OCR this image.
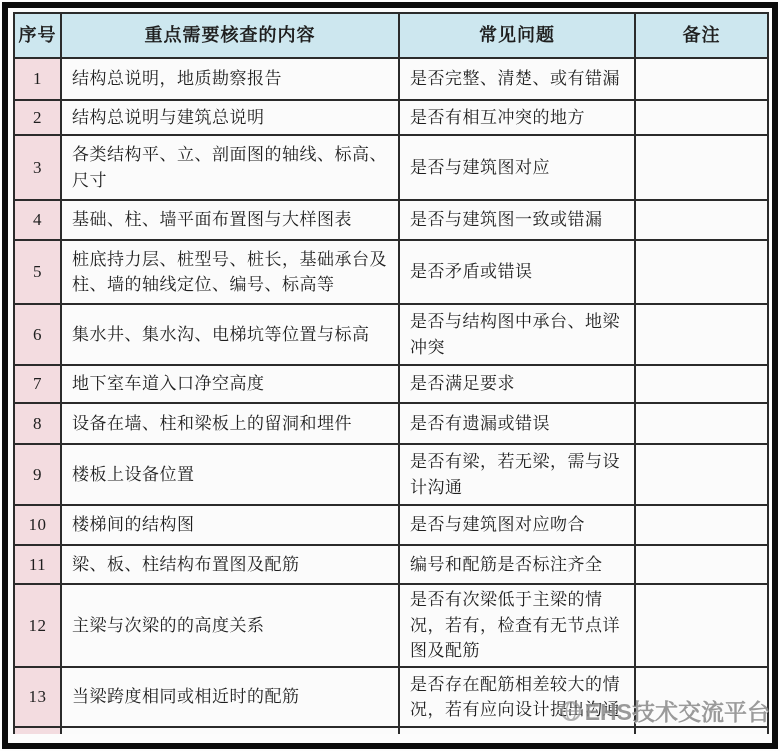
序号	重点需要核查的内容	常见问题	备注
1	结构总说明，地质勘察报告	是否完整、清楚、或有错漏	
2	结构总说明与建筑总说明	是否有相互冲突的地方	
3	各类结构平、立、剖面图的轴线、标高、尺寸	是否与建筑图对应	
4	基础、柱、墙平面布置图与大样图表	是否与建筑图一致或错漏	
5	桩底持力层、桩型号、桩长，基础承台及柱、墙的轴线定位、编号、标高等	是否矛盾或错误	
6	集水井、集水沟、电梯坑等位置与标高	是否与结构图中承台、地梁冲突	
7	地下室车道入口净空高度	是否满足要求	
8	设备在墙、柱和梁板上的留洞和埋件	是否有遗漏或错误	
9	楼板上设备位置	是否有梁，若无梁，需与设计沟通	
10	楼梯间的结构图	是否与建筑图对应吻合	
11	梁、板、柱结构布置图及配筋	编号和配筋是否标注齐全	
12	主梁与次梁的的高度关系	是否有次梁低于主梁的情况，若有，检查有无节点详图及配筋	
13	当梁跨度相同或相近时的配筋	是否存在配筋相差较大的情况，若有应向设计提出沟通	

EHS技术交流平台
